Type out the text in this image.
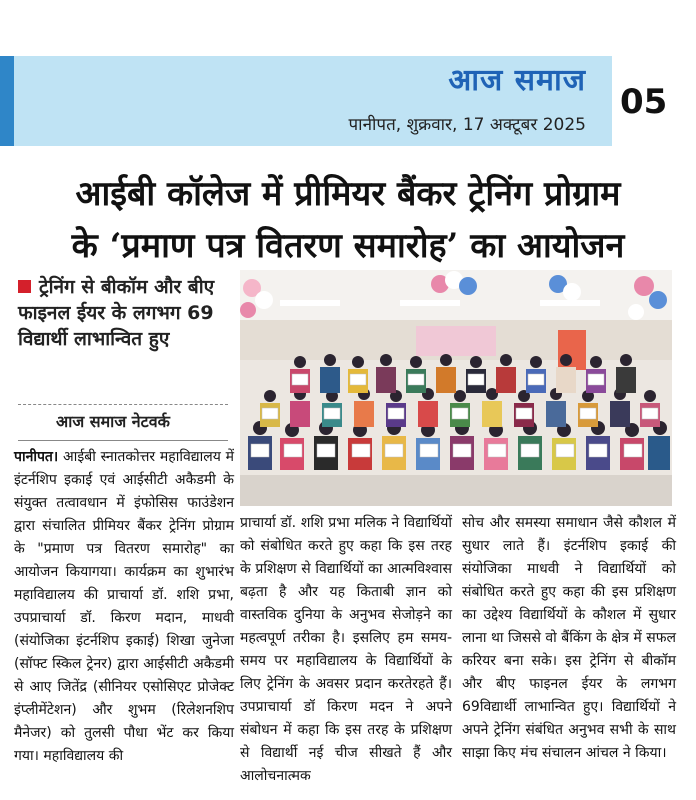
आज समाज
पानीपत, शुक्रवार, 17 अक्टूबर 2025
05
आईबी कॉलेज में प्रीमियर बैंकर ट्रेनिंग प्रोग्राम
के ‘प्रमाण पत्र वितरण समारोह’ का आयोजन
ट्रेनिंग से बीकॉम और बीए फाइनल ईयर के लगभग 69 विद्यार्थी लाभान्वित हुए
आज समाज नेटवर्क
पानीपत। आईबी स्नातकोत्तर महाविद्यालय में इंटर्नशिप इकाई एवं आईसीटी अकैडमी के संयुक्त तत्वावधान में इंफोसिस फाउंडेशन द्वारा संचालित प्रीमियर बैंकर ट्रेनिंग प्रोग्राम के "प्रमाण पत्र वितरण समारोह" का आयोजन कियागया। कार्यक्रम का शुभारंभ महाविद्यालय की प्राचार्या डॉ. शशि प्रभा, उपप्राचार्या डॉ. किरण मदान, माधवी (संयोजिका इंटर्नशिप इकाई) शिखा जुनेजा (सॉफ्ट स्किल ट्रेनर) द्वारा आईसीटी अकैडमी से आए जितेंद्र (सीनियर एसोसिएट प्रोजेक्ट इंप्लीमेंटेशन) और शुभम (रिलेशनशिप मैनेजर) को तुलसी पौधा भेंट कर किया गया। महाविद्यालय की
प्राचार्या डॉ. शशि प्रभा मलिक ने विद्यार्थियों को संबोधित करते हुए कहा कि इस तरह के प्रशिक्षण से विद्यार्थियों का आत्मविश्वास बढ़ता है और यह किताबी ज्ञान को वास्तविक दुनिया के अनुभव सेजोड़ने का महत्वपूर्ण तरीका है। इसलिए हम समय-समय पर महाविद्यालय के विद्यार्थियों के लिए ट्रेनिंग के अवसर प्रदान करतेरहते हैं। उपप्राचार्या डॉ किरण मदन ने अपने संबोधन में कहा कि इस तरह के प्रशिक्षण से विद्यार्थी नई चीज सीखते हैं और आलोचनात्मक
सोच और समस्या समाधान जैसे कौशल में सुधार लाते हैं। इंटर्नशिप इकाई की संयोजिका माधवी ने विद्यार्थियों को संबोधित करते हुए कहा की इस प्रशिक्षण का उद्देश्य विद्यार्थियों के कौशल में सुधार लाना था जिससे वो बैंकिंग के क्षेत्र में सफल करियर बना सके। इस ट्रेनिंग से बीकॉम और बीए फाइनल ईयर के लगभग 69विद्यार्थी लाभान्वित हुए। विद्यार्थियों ने अपने ट्रेनिंग संबंधित अनुभव सभी के साथ साझा किए मंच संचालन आंचल ने किया।
